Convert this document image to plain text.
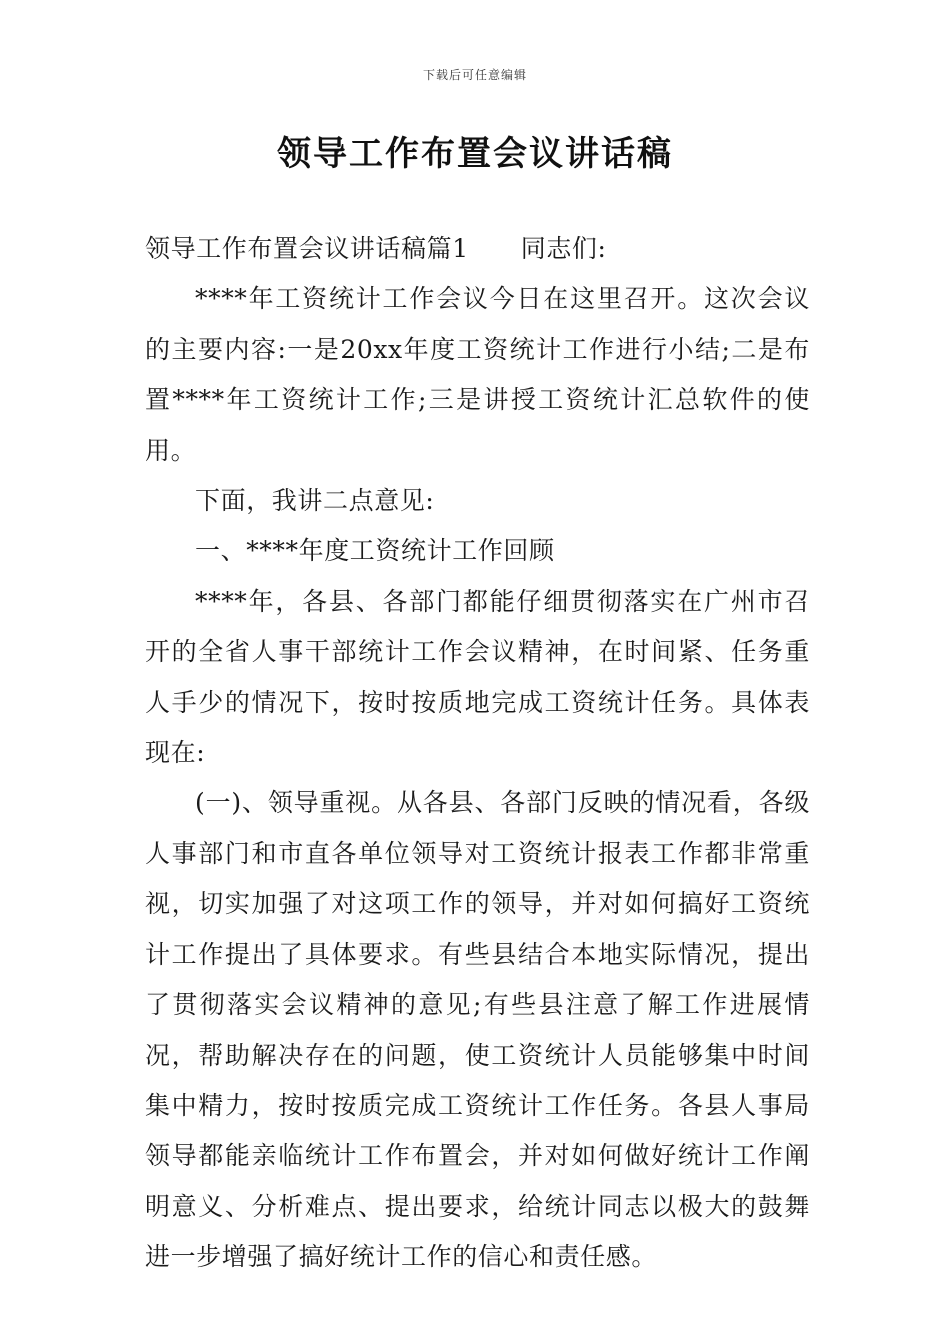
下载后可任意编辑
领导工作布置会议讲话稿

领导工作布置会议讲话稿篇1 同志们:

****年工资统计工作会议今日在这里召开。这次会议的主要内容:一是20xx年度工资统计工作进行小结;二是布置****年工资统计工作;三是讲授工资统计汇总软件的使用。

下面，我讲二点意见:

一、****年度工资统计工作回顾

****年，各县、各部门都能仔细贯彻落实在广州市召开的全省人事干部统计工作会议精神，在时间紧、任务重人手少的情况下，按时按质地完成工资统计任务。具体表现在:

(一)、领导重视。从各县、各部门反映的情况看，各级人事部门和市直各单位领导对工资统计报表工作都非常重视，切实加强了对这项工作的领导，并对如何搞好工资统计工作提出了具体要求。有些县结合本地实际情况，提出了贯彻落实会议精神的意见;有些县注意了解工作进展情况，帮助解决存在的问题，使工资统计人员能够集中时间集中精力，按时按质完成工资统计工作任务。各县人事局领导都能亲临统计工作布置会，并对如何做好统计工作阐明意义、分析难点、提出要求，给统计同志以极大的鼓舞进一步增强了搞好统计工作的信心和责任感。
